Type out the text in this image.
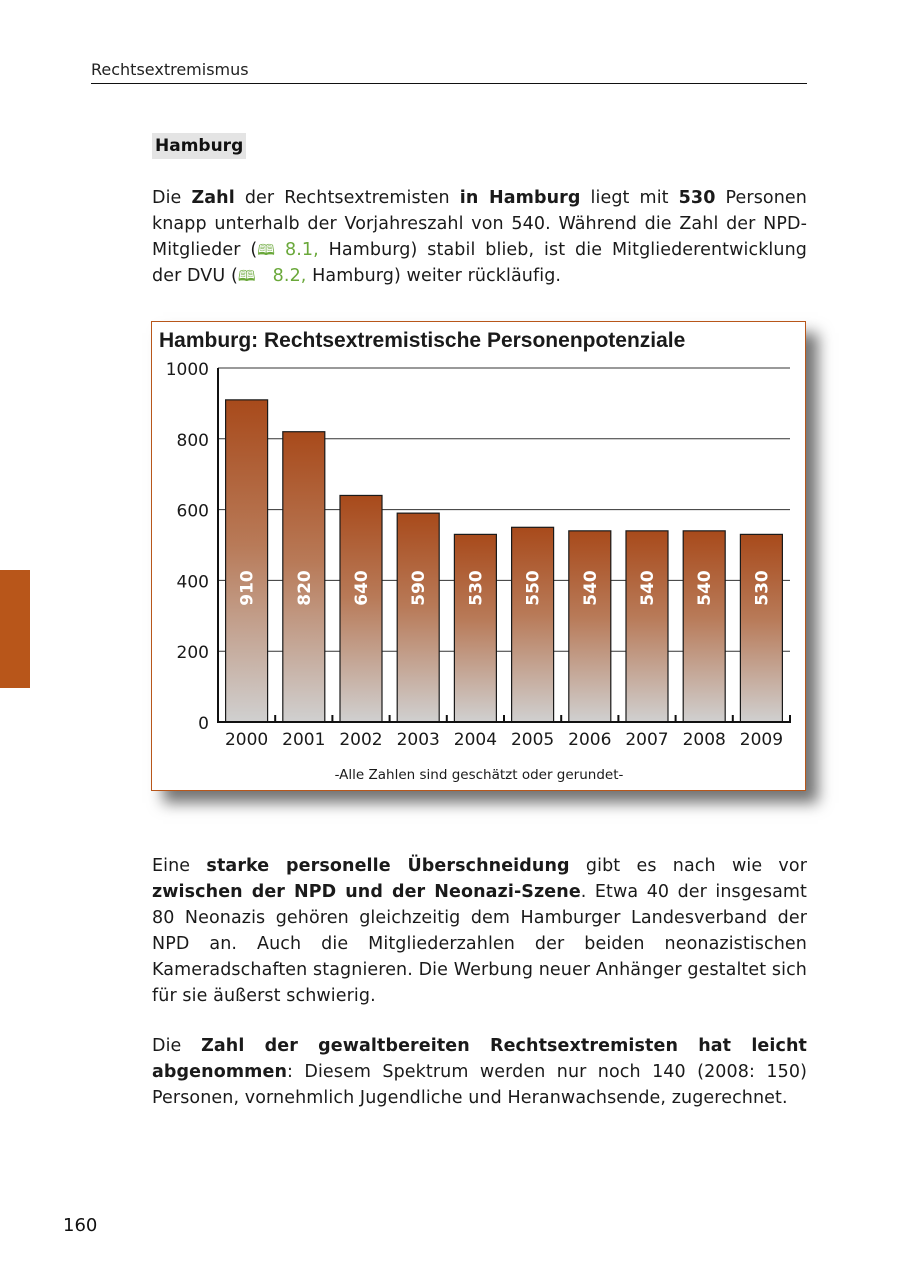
Rechtsextremismus
Hamburg

Die Zahl der Rechtsextremisten in Hamburg liegt mit 530 Personen knapp unterhalb der Vorjahreszahl von 540. Während die Zahl der NPD-Mitglieder (🕮 8.1, Hamburg) stabil blieb, ist die Mitgliederentwicklung der DVU (🕮 8.2, Hamburg) weiter rückläufig.

Hamburg: Rechtsextremistische Personenpotenziale
910 820 640 590 530 550 540 540 540 530
0
200
400
600
800
1000
2000 2001 2002 2003 2004 2005 2006 2007 2008 2009
-Alle Zahlen sind geschätzt oder gerundet-

Eine starke personelle Überschneidung gibt es nach wie vor zwischen der NPD und der Neonazi-Szene. Etwa 40 der insgesamt 80 Neonazis gehören gleichzeitig dem Hamburger Landesverband der NPD an. Auch die Mitgliederzahlen der beiden neonazistischen Kameradschaften stagnieren. Die Werbung neuer Anhänger gestaltet sich für sie äußerst schwierig.

Die Zahl der gewaltbereiten Rechtsextremisten hat leicht abgenommen: Diesem Spektrum werden nur noch 140 (2008: 150) Personen, vornehmlich Jugendliche und Heranwachsende, zugerechnet.

160
